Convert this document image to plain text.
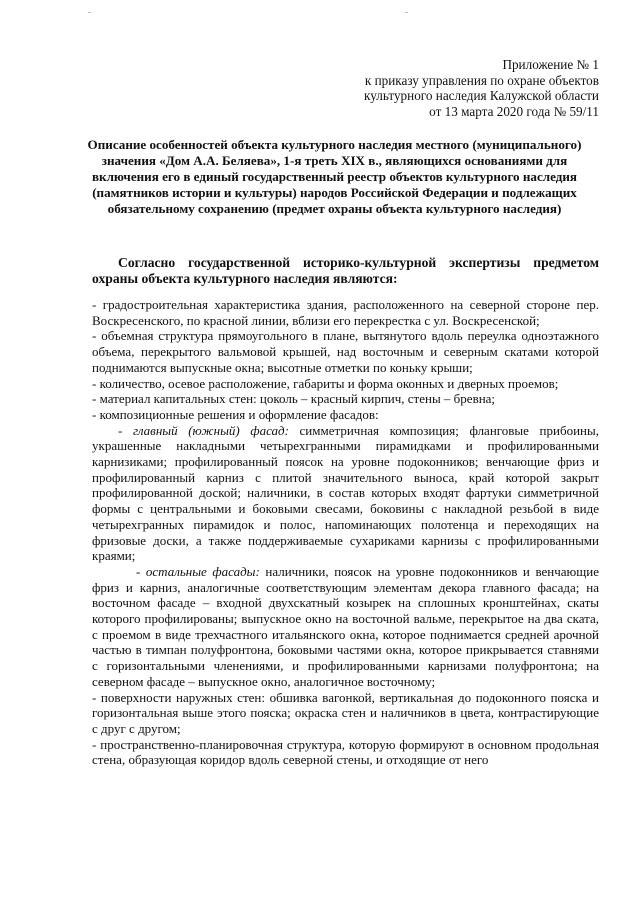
Приложение № 1
к приказу управления по охране объектов
культурного наследия Калужской области
от 13 марта 2020 года № 59/11
Описание особенностей объекта культурного наследия местного (муниципального) значения «Дом А.А. Беляева», 1-я треть XIX в., являющихся основаниями для включения его в единый государственный реестр объектов культурного наследия (памятников истории и культуры) народов Российской Федерации и подлежащих обязательному сохранению (предмет охраны объекта культурного наследия)
Согласно государственной историко-культурной экспертизы предметом охраны объекта культурного наследия являются:

- градостроительная характеристика здания, расположенного на северной стороне пер. Воскресенского, по красной линии, вблизи его перекрестка с ул. Воскресенской;

- объемная структура прямоугольного в плане, вытянутого вдоль переулка одноэтажного объема, перекрытого вальмовой крышей, над восточным и северным скатами которой поднимаются выпускные окна; высотные отметки по коньку крыши;

- количество, осевое расположение, габариты и форма оконных и дверных проемов;

- материал капитальных стен: цоколь – красный кирпич, стены – бревна;

- композиционные решения и оформление фасадов:

- главный (южный) фасад: симметричная композиция; фланговые прибоины, украшенные накладными четырехгранными пирамидками и профилированными карнизиками; профилированный поясок на уровне подоконников; венчающие фриз и профилированный карниз с плитой значительного выноса, край которой закрыт профилированной доской; наличники, в состав которых входят фартуки симметричной формы с центральными и боковыми свесами, боковины с накладной резьбой в виде четырехгранных пирамидок и полос, напоминающих полотенца и переходящих на фризовые доски, а также поддерживаемые сухариками карнизы с профилированными краями;

- остальные фасады: наличники, поясок на уровне подоконников и венчающие фриз и карниз, аналогичные соответствующим элементам декора главного фасада; на восточном фасаде – входной двухскатный козырек на сплошных кронштейнах, скаты которого профилированы; выпускное окно на восточной вальме, перекрытое на два ската, с проемом в виде трехчастного итальянского окна, которое поднимается средней арочной частью в тимпан полуфронтона, боковыми частями окна, которое прикрывается ставнями с горизонтальными членениями, и профилированными карнизами полуфронтона; на северном фасаде – выпускное окно, аналогичное восточному;

- поверхности наружных стен: обшивка вагонкой, вертикальная до подоконного пояска и горизонтальная выше этого пояска; окраска стен и наличников в цвета, контрастирующие с друг с другом;

- пространственно-планировочная структура, которую формируют в основном продольная стена, образующая коридор вдоль северной стены, и отходящие от него
